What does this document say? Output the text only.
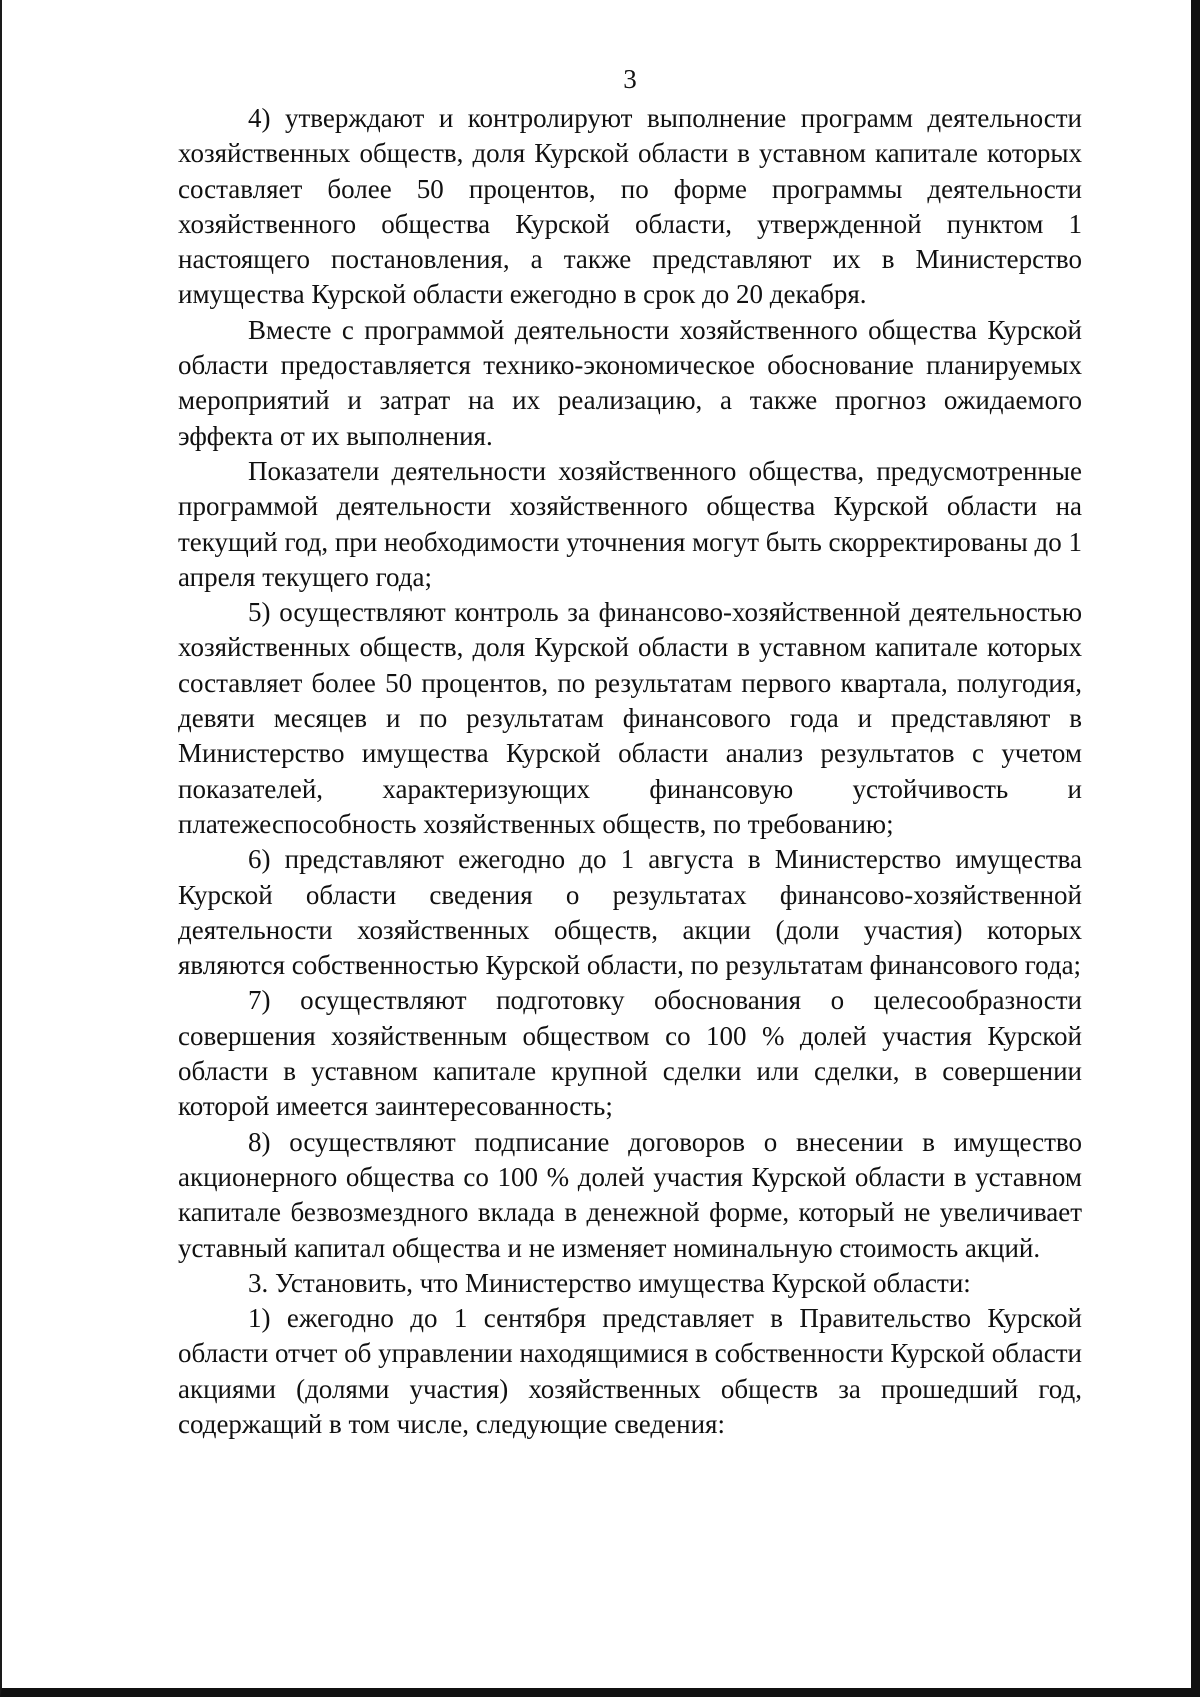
3

4) утверждают и контролируют выполнение программ деятельности хозяйственных обществ, доля Курской области в уставном капитале которых составляет более 50 процентов, по форме программы деятельности хозяйственного общества Курской области, утвержденной пунктом 1 настоящего постановления, а также представляют их в Министерство имущества Курской области ежегодно в срок до 20 декабря.

Вместе с программой деятельности хозяйственного общества Курской области предоставляется технико-экономическое обоснование планируемых мероприятий и затрат на их реализацию, а также прогноз ожидаемого эффекта от их выполнения.

Показатели деятельности хозяйственного общества, предусмотренные программой деятельности хозяйственного общества Курской области на текущий год, при необходимости уточнения могут быть скорректированы до 1 апреля текущего года;

5) осуществляют контроль за финансово-хозяйственной деятельностью хозяйственных обществ, доля Курской области в уставном капитале которых составляет более 50 процентов, по результатам первого квартала, полугодия, девяти месяцев и по результатам финансового года и представляют в Министерство имущества Курской области анализ результатов с учетом показателей, характеризующих финансовую устойчивость и платежеспособность хозяйственных обществ, по требованию;

6) представляют ежегодно до 1 августа в Министерство имущества Курской области сведения о результатах финансово-хозяйственной деятельности хозяйственных обществ, акции (доли участия) которых являются собственностью Курской области, по результатам финансового года;

7) осуществляют подготовку обоснования о целесообразности совершения хозяйственным обществом со 100 % долей участия Курской области в уставном капитале крупной сделки или сделки, в совершении которой имеется заинтересованность;

8) осуществляют подписание договоров о внесении в имущество акционерного общества со 100 % долей участия Курской области в уставном капитале безвозмездного вклада в денежной форме, который не увеличивает уставный капитал общества и не изменяет номинальную стоимость акций.

3. Установить, что Министерство имущества Курской области:

1) ежегодно до 1 сентября представляет в Правительство Курской области отчет об управлении находящимися в собственности Курской области акциями (долями участия) хозяйственных обществ за прошедший год, содержащий в том числе, следующие сведения:
